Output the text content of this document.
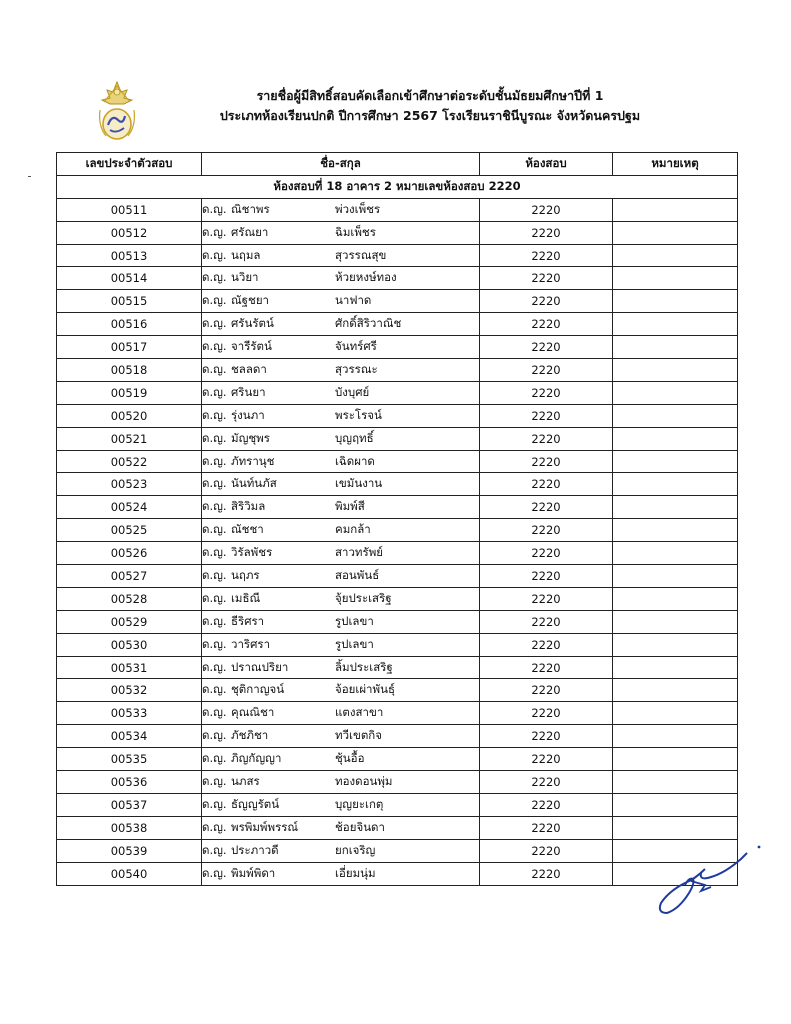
รายชื่อผู้มีสิทธิ์สอบคัดเลือกเข้าศึกษาต่อระดับชั้นมัธยมศึกษาปีที่ 1
ประเภทห้องเรียนปกติ ปีการศึกษา 2567 โรงเรียนราชินีบูรณะ จังหวัดนครปฐม
เลขประจำตัวสอบ	ชื่อ-สกุล	ห้องสอบ	หมายเหตุ
ห้องสอบที่ 18 อาคาร 2 หมายเลขห้องสอบ 2220			
00511	ด.ญ. ณิชาพร พ่วงเพ็ชร	2220	
00512	ด.ญ. ศรัณยา ฉิมเพ็ชร	2220	
00513	ด.ญ. นฤมล สุวรรณสุข	2220	
00514	ด.ญ. นวิยา ห้วยหงษ์ทอง	2220	
00515	ด.ญ. ณัฐชยา นาฟาด	2220	
00516	ด.ญ. ศรันรัตน์ ศักดิ์สิริวาณิช	2220	
00517	ด.ญ. จารีรัตน์ จันทร์ศรี	2220	
00518	ด.ญ. ชลลดา สุวรรณะ	2220	
00519	ด.ญ. ศรินยา บังบุศย์	2220	
00520	ด.ญ. รุ่งนภา พระโรจน์	2220	
00521	ด.ญ. มัญชุพร บุญฤทธิ์	2220	
00522	ด.ญ. ภัทรานุช เฉิดผาด	2220	
00523	ด.ญ. นันท์นภัส เขมันงาน	2220	
00524	ด.ญ. สิริวิมล พิมพ์สี	2220	
00525	ด.ญ. ณัชชา คมกล้า	2220	
00526	ด.ญ. วิรัลพัชร สาวทรัพย์	2220	
00527	ด.ญ. นฤภร สอนพันธ์	2220	
00528	ด.ญ. เมธิณี จุ้ยประเสริฐ	2220	
00529	ด.ญ. ธีริศรา รูปเลขา	2220	
00530	ด.ญ. วาริศรา รูปเลขา	2220	
00531	ด.ญ. ปราณปริยา ลิ้มประเสริฐ	2220	
00532	ด.ญ. ชุติกาญจน์ จ้อยเผ่าพันธุ์	2220	
00533	ด.ญ. คุณณิชา แตงสาขา	2220	
00534	ด.ญ. ภัชภิชา ทวีเขตกิจ	2220	
00535	ด.ญ. ภิญกัญญา ชุ้นอื้อ	2220	
00536	ด.ญ. นภสร ทองดอนพุ่ม	2220	
00537	ด.ญ. ธัญญรัตน์ บุญยะเกตุ	2220	
00538	ด.ญ. พรพิมพ์พรรณ์ ช้อยจินดา	2220	
00539	ด.ญ. ประภาวดี ยกเจริญ	2220	
00540	ด.ญ. พิมพ์พิดา เอี่ยมนุ่ม	2220	
